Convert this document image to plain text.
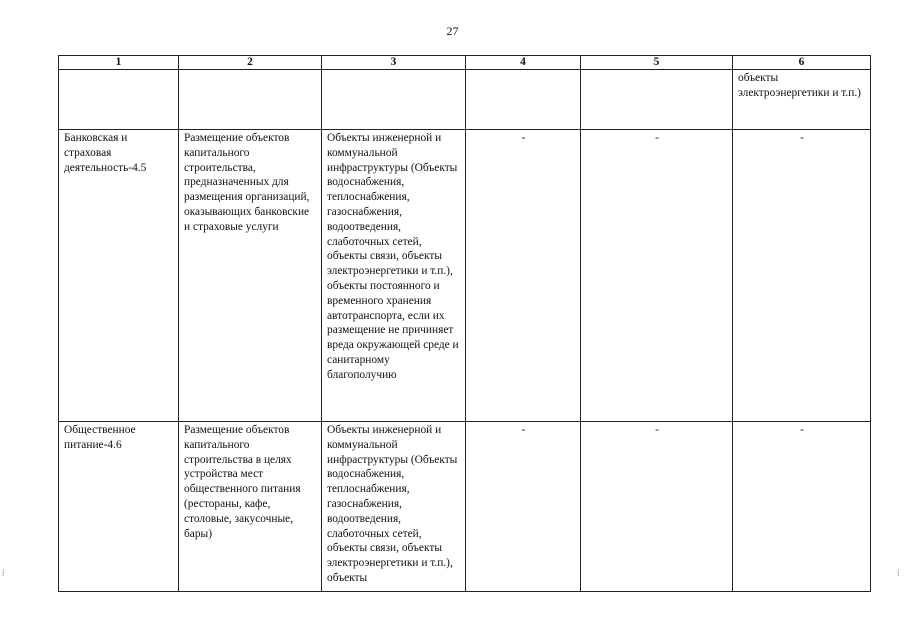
27
1	2	3	4	5	6
					объекты электроэнергетики и т.п.)
Банковская и страховая деятельность-4.5	Размещение объектов капитального строительства, предназначенных для размещения организаций, оказывающих банковские и страховые услуги	Объекты инженерной и коммунальной инфраструктуры (Объекты водоснабжения, теплоснабжения, газоснабжения, водоотведения, слаботочных сетей, объекты связи, объекты электроэнергетики и т.п.), объекты постоянного и временного хранения автотранспорта, если их размещение не причиняет вреда окружающей среде и санитарному благополучию	-	-	-
Общественное питание-4.6	Размещение объектов капитального строительства в целях устройства мест общественного питания (рестораны, кафе, столовые, закусочные, бары)	Объекты инженерной и коммунальной инфраструктуры (Объекты водоснабжения, теплоснабжения, газоснабжения, водоотведения, слаботочных сетей, объекты связи, объекты электроэнергетики и т.п.), объекты	-	-	-
⁞	⁞
